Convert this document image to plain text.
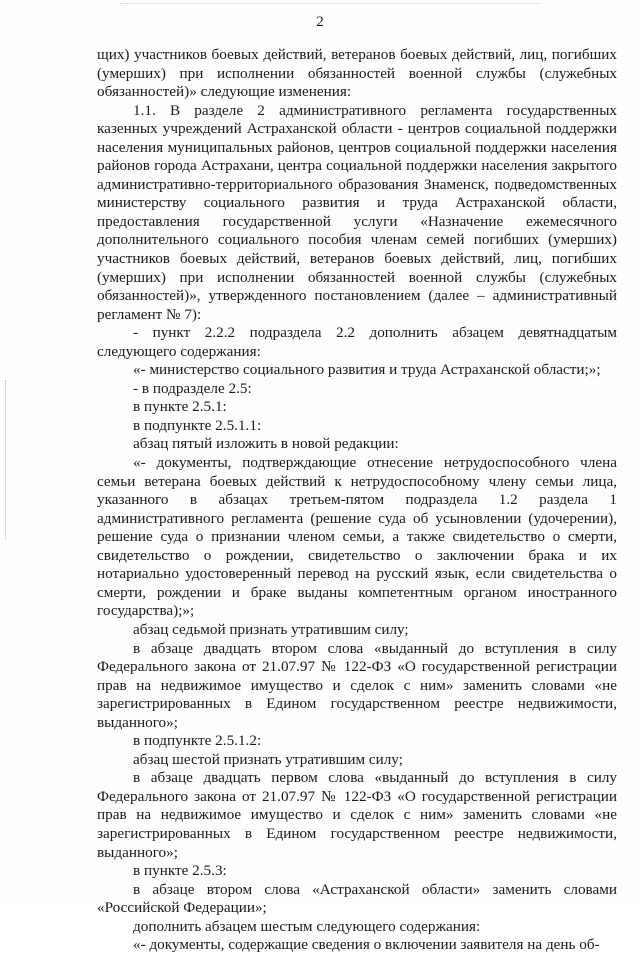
2

щих) участников боевых действий, ветеранов боевых действий, лиц, погибших (умерших) при исполнении обязанностей военной службы (служебных обязанностей)» следующие изменения:

1.1. В разделе 2 административного регламента государственных казенных учреждений Астраханской области - центров социальной поддержки населения муниципальных районов, центров социальной поддержки населения районов города Астрахани, центра социальной поддержки населения закрытого административно-территориального образования Знаменск, подведомственных министерству социального развития и труда Астраханской области, предоставления государственной услуги «Назначение ежемесячного дополнительного социального пособия членам семей погибших (умерших) участников боевых действий, ветеранов боевых действий, лиц, погибших (умерших) при исполнении обязанностей военной службы (служебных обязанностей)», утвержденного постановлением (далее – административный регламент № 7):

- пункт 2.2.2 подраздела 2.2 дополнить абзацем девятнадцатым следующего содержания:

«- министерство социального развития и труда Астраханской области;»;

- в подразделе 2.5:

в пункте 2.5.1:

в подпункте 2.5.1.1:

абзац пятый изложить в новой редакции:

«- документы, подтверждающие отнесение нетрудоспособного члена семьи ветерана боевых действий к нетрудоспособному члену семьи лица, указанного в абзацах третьем-пятом подраздела 1.2 раздела 1 административного регламента (решение суда об усыновлении (удочерении), решение суда о признании членом семьи, а также свидетельство о смерти, свидетельство о рождении, свидетельство о заключении брака и их нотариально удостоверенный перевод на русский язык, если свидетельства о смерти, рождении и браке выданы компетентным органом иностранного государства);»;

абзац седьмой признать утратившим силу;

в абзаце двадцать втором слова «выданный до вступления в силу Федерального закона от 21.07.97 № 122-ФЗ «О государственной регистрации прав на недвижимое имущество и сделок с ним» заменить словами «не зарегистрированных в Едином государственном реестре недвижимости, выданного»;

в подпункте 2.5.1.2:

абзац шестой признать утратившим силу;

в абзаце двадцать первом слова «выданный до вступления в силу Федерального закона от 21.07.97 № 122-ФЗ «О государственной регистрации прав на недвижимое имущество и сделок с ним» заменить словами «не зарегистрированных в Едином государственном реестре недвижимости, выданного»;

в пункте 2.5.3:

в абзаце втором слова «Астраханской области» заменить словами «Российской Федерации»;

дополнить абзацем шестым следующего содержания:

«- документы, содержащие сведения о включении заявителя на день об-
